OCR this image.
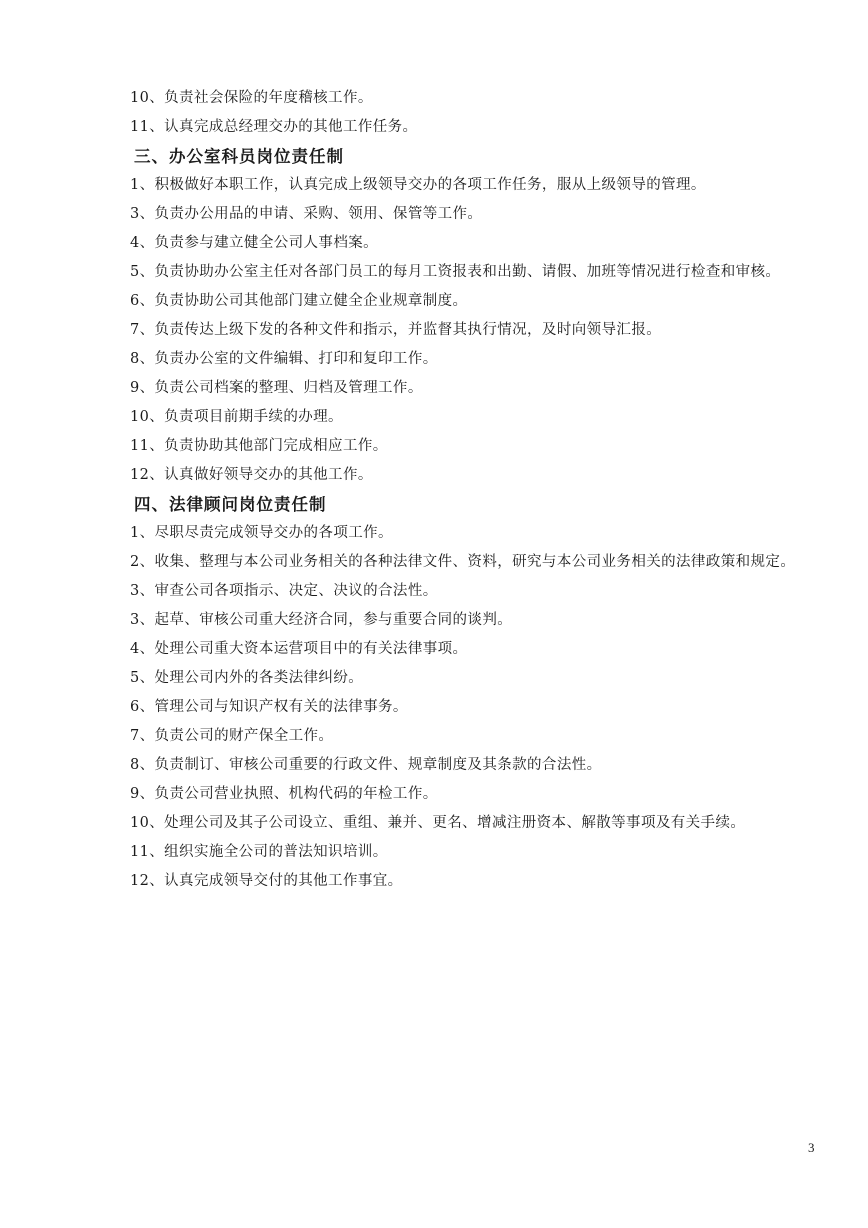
10、负责社会保险的年度稽核工作。
11、认真完成总经理交办的其他工作任务。
三、办公室科员岗位责任制
1、积极做好本职工作，认真完成上级领导交办的各项工作任务，服从上级领导的管理。
3、负责办公用品的申请、采购、领用、保管等工作。
4、负责参与建立健全公司人事档案。
5、负责协助办公室主任对各部门员工的每月工资报表和出勤、请假、加班等情况进行检查和审核。
6、负责协助公司其他部门建立健全企业规章制度。
7、负责传达上级下发的各种文件和指示，并监督其执行情况，及时向领导汇报。
8、负责办公室的文件编辑、打印和复印工作。
9、负责公司档案的整理、归档及管理工作。
10、负责项目前期手续的办理。
11、负责协助其他部门完成相应工作。
12、认真做好领导交办的其他工作。
四、法律顾问岗位责任制
1、尽职尽责完成领导交办的各项工作。
2、收集、整理与本公司业务相关的各种法律文件、资料，研究与本公司业务相关的法律政策和规定。
3、审查公司各项指示、决定、决议的合法性。
3、起草、审核公司重大经济合同，参与重要合同的谈判。
4、处理公司重大资本运营项目中的有关法律事项。
5、处理公司内外的各类法律纠纷。
6、管理公司与知识产权有关的法律事务。
7、负责公司的财产保全工作。
8、负责制订、审核公司重要的行政文件、规章制度及其条款的合法性。
9、负责公司营业执照、机构代码的年检工作。
10、处理公司及其子公司设立、重组、兼并、更名、增减注册资本、解散等事项及有关手续。
11、组织实施全公司的普法知识培训。
12、认真完成领导交付的其他工作事宜。
3
